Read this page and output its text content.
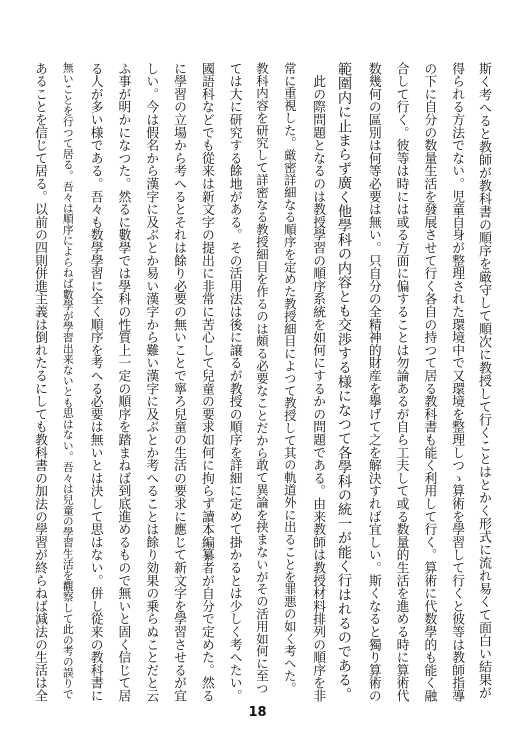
斯く考へると教師が教科書の順序を厳守して順次に教授して行くことはとかく形式に流れ易くて面白い結果が
得られる方法でない。児童自身が整理された環境中で又環境を整理しつゝ算術を學習して行くと彼等は教師指導
の下に自分の数量生活を發展させて行く各自の持つて居る教科書も能く利用して行く。算術に代数學的も能く融
合して行く。彼等は時には或る方面に偏することは勿論あるが自ら工夫して或る数量的生活を進める時に算術代
数幾何の區別は何等必要は無い。只自分の全精神的財産を擧げて之を解決すれば宜しい。斯くなると獨り算術の
範圍内に止まらず廣く他學科の内容とも交渉する様になつて各學科の統一が能く行はれるのである。
　此の際問題となるのは教授學習の順序系統を如何にするかの問題である。由来教師は教授材料排列の順序を非
常に重視した。厳密詳細なる順序を定めた教授細目によつて教授して其の軌道外に出ることを罪悪の如く考へた。
教科内容を研究して詳密なる教授細目を作るのは頗る必要なことだから敢て異論を挟まないがその活用如何に至つ
ては大に研究する餘地がある。その活用法は後に譲るが教授の順序を詳細に定めて掛かるとは少しく考へたい。
國語科などでも從来は新文字の提出に非常に苦心して兒童の要求如何に拘らず讀本編纂者が自分で定めた。然る
に學習の立場から考へるとそれは餘り必要の無いことで寧ろ兒童の生活の要求に應じて新文字を學習させるが宜
しい。今は假名から漢字に及ぶとか易い漢字から難い漢字に及ぶとか考へることは餘り効果の乗らぬことだと云
ふ事が明かになつた。然るに數學では學科の性質上一定の順序を踏まねば到底進めるもので無いと固く信じて居
る人が多い様である。吾々も数學學習に全く順序を考へる必要は無いとは決して思はない。併し從来の教科書に
無いことを行つて居る。吾々は順序によらねば數學が學習出来ないとも思はない。吾々は兒童の學習生活を觀察して此の考の誤りで
あることを信じて居る。以前の四則併進主義は倒れたるにしても教科書の加法の學習が終らねば減法の生活は全
18
